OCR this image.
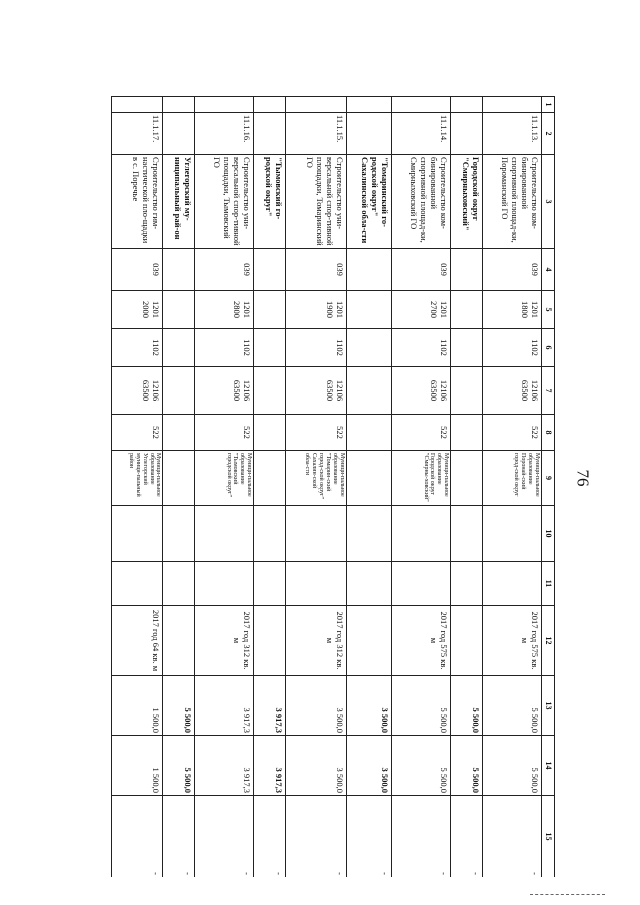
76
1	2	3	4	5	6	7	8	9	10	11	12	13	14	15
	11.1.13.	Строительство ком-бинированной спортивной площад-ки, Пороманский ГО	039	1201 1800	1102	12106 63500	522	Муници-пальное образование Поронай-ский город-ской округ			2017 год 575 кв. м	5 500,0	5 500,0	-
		Городской округ "Смирныховский"										5 500,0	5 500,0	-
	11.1.14.	Строительство ком-бинированной спортивной площад-ки, Смирныховский ГО	039	1201 2700	1102	12106 63500	522	Муници-пальное образование Городской округ "Смирны-ховский"			2017 год 575 кв. м	5 500,0	5 500,0	-
		"Томаринский го-родской округ" Сахалинской обла-сти										3 500,0	3 500,0	-
	11.1.15.	Строительство уни-версальной спор-тивной площадки, Томаринский ГО	039	1201 1900	1102	12106 63500	522	Муници-пальное образование "Томарин-ский город-ской округ" Сахалин-ской обла-сти			2017 год 312 кв. м	3 500,0	3 500,0	-
		"Тымовский го-родской округ"										3 917,3	3 917,3	-
	11.1.16.	Строительство уни-версальной спор-тивной площадки, Тымовский ГО	039	1201 2800	1102	12106 63500	522	Муници-пальное образование "Тымовский городской округ"			2017 год 312 кв. м	3 917,3	3 917,3	-
		Углегорский му-ниципальный рай-он										5 500,0	5 500,0	-
	11.1.17.	Строительство гим-настической пло-щадки в с. Поречье	039	1201 2000	1102	12106 63500	522	Муници-пальное образование Углегорский муници-пальный район			2017 год 64 кв. м	1 500,0	1 500,0	-
